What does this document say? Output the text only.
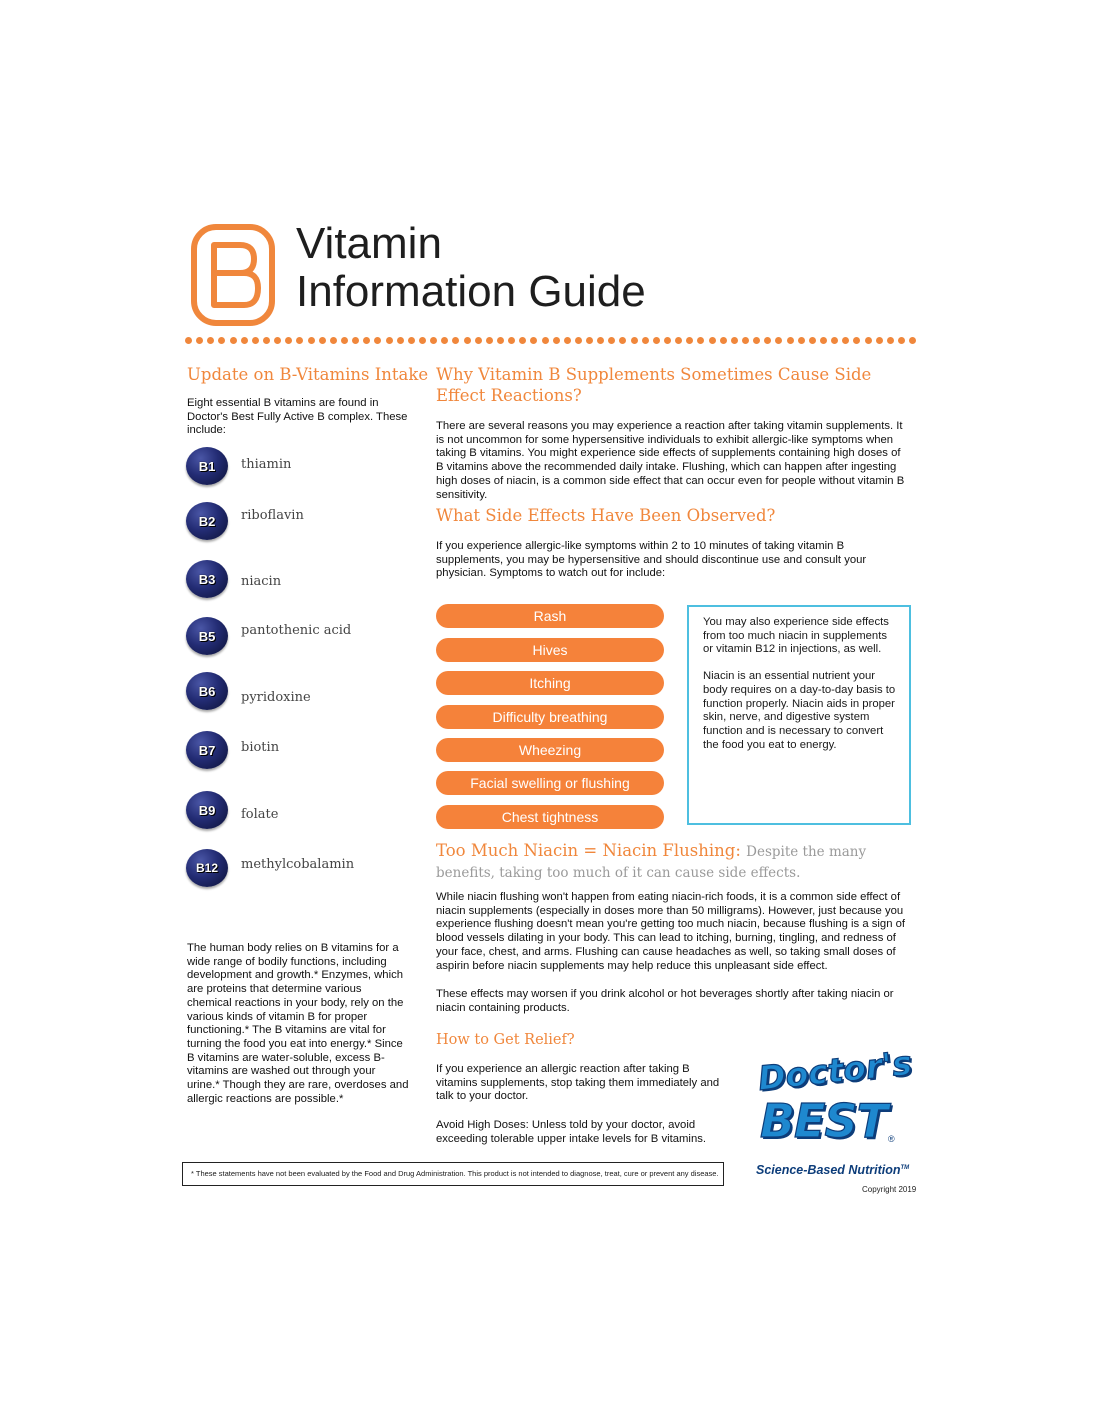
Vitamin
Information Guide
Update on B-Vitamins Intake
Eight essential B vitamins are found in Doctor's Best Fully Active B complex. These include:
B1	thiamin
B2	riboflavin
B3	niacin
B5	pantothenic acid
B6	pyridoxine
B7	biotin
B9	folate
B12	methylcobalamin
The human body relies on B vitamins for a wide range of bodily functions, including development and growth.* Enzymes, which are proteins that determine various chemical reactions in your body, rely on the various kinds of vitamin B for proper functioning.* The B vitamins are vital for turning the food you eat into energy.* Since B vitamins are water-soluble, excess B-vitamins are washed out through your urine.* Though they are rare, overdoses and allergic reactions are possible.*
Why Vitamin B Supplements Sometimes Cause Side Effect Reactions?
There are several reasons you may experience a reaction after taking vitamin supplements. It is not uncommon for some hypersensitive individuals to exhibit allergic-like symptoms when taking B vitamins. You might experience side effects of supplements containing high doses of B vitamins above the recommended daily intake. Flushing, which can happen after ingesting high doses of niacin, is a common side effect that can occur even for people without vitamin B sensitivity.
What Side Effects Have Been Observed?
If you experience allergic-like symptoms within 2 to 10 minutes of taking vitamin B supplements, you may be hypersensitive and should discontinue use and consult your physician. Symptoms to watch out for include:
Rash
Hives
Itching
Difficulty breathing
Wheezing
Facial swelling or flushing
Chest tightness

You may also experience side effects from too much niacin in supplements or vitamin B12 in injections, as well.

Niacin is an essential nutrient your body requires on a day-to-day basis to function properly. Niacin aids in proper skin, nerve, and digestive system function and is necessary to convert the food you eat to energy.

Too Much Niacin = Niacin Flushing: Despite the many benefits, taking too much of it can cause side effects.
While niacin flushing won't happen from eating niacin-rich foods, it is a common side effect of niacin supplements (especially in doses more than 50 milligrams). However, just because you experience flushing doesn't mean you're getting too much niacin, because flushing is a sign of blood vessels dilating in your body. This can lead to itching, burning, tingling, and redness of your face, chest, and arms. Flushing can cause headaches as well, so taking small doses of aspirin before niacin supplements may help reduce this unpleasant side effect.
These effects may worsen if you drink alcohol or hot beverages shortly after taking niacin or niacin containing products.
How to Get Relief?
If you experience an allergic reaction after taking B vitamins supplements, stop taking them immediately and talk to your doctor.
Avoid High Doses: Unless told by your doctor, avoid exceeding tolerable upper intake levels for B vitamins.
* These statements have not been evaluated by the Food and Drug Administration. This product is not intended to diagnose, treat, cure or prevent any disease.
Doctor's
BEST ®
Science-Based Nutrition™
Copyright 2019
